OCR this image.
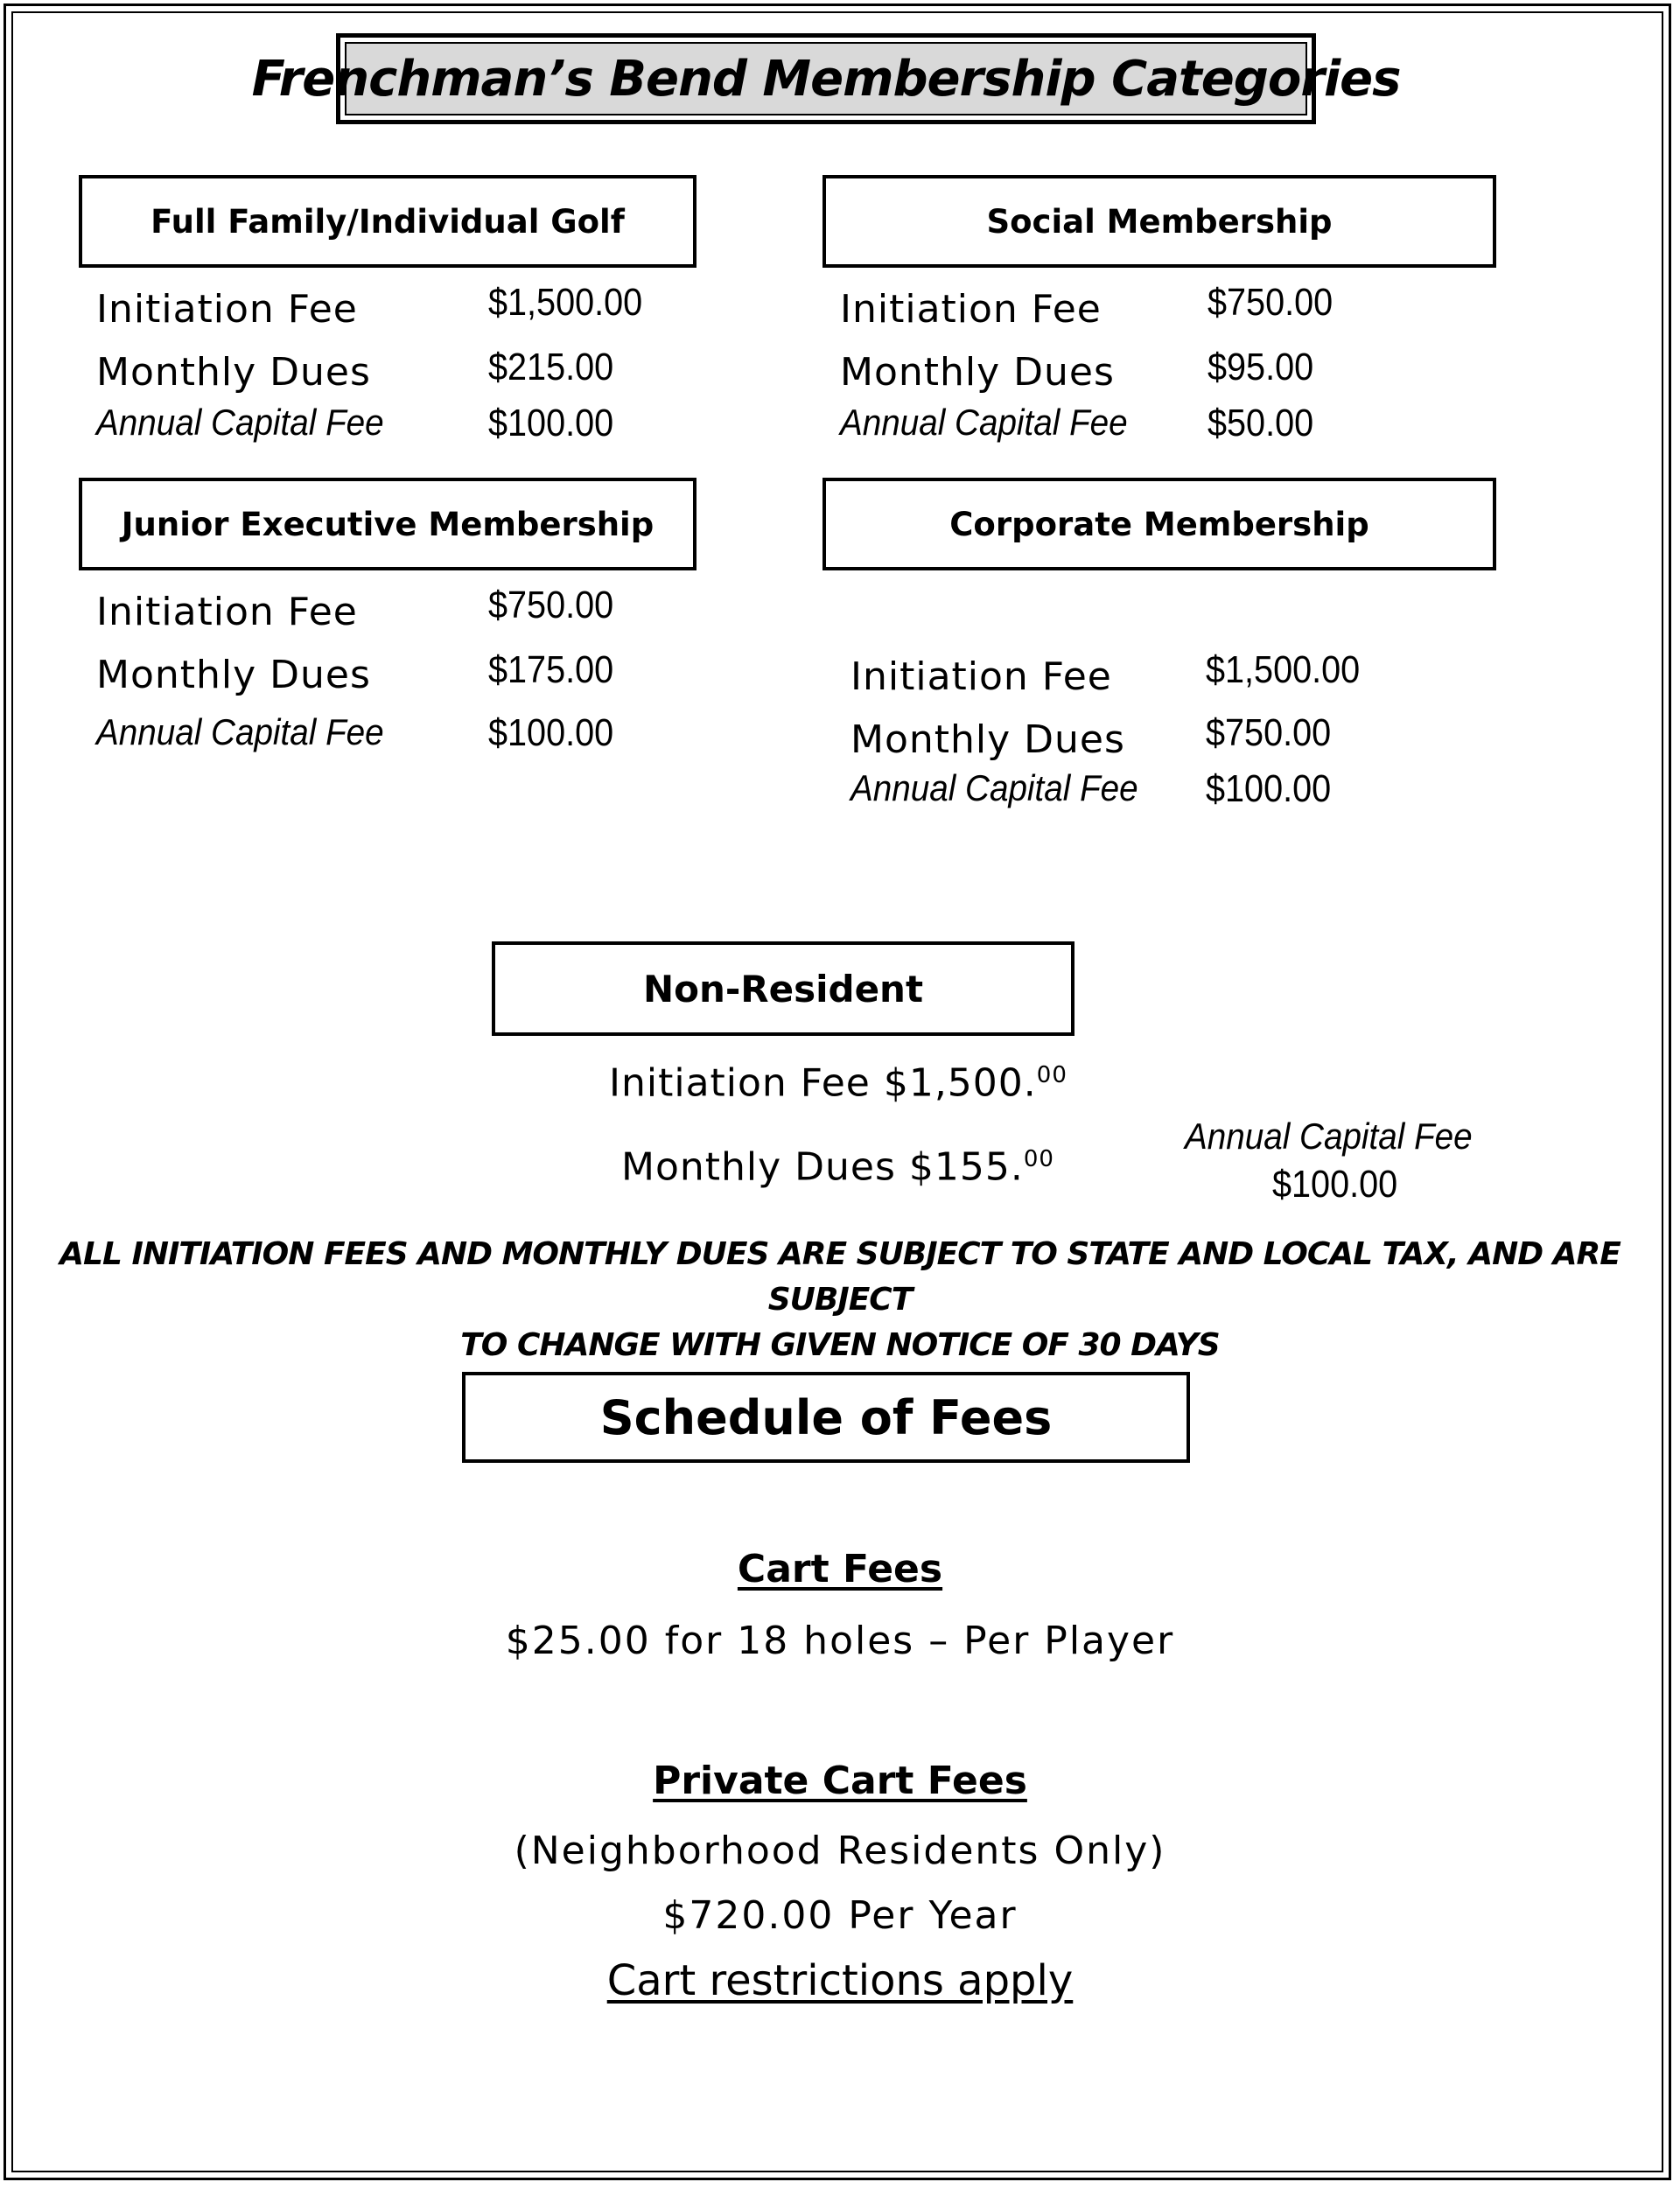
Frenchman’s Bend Membership Categories
Full Family/Individual Golf
Initiation Fee	$1,500.00
Monthly Dues	$215.00
Annual Capital Fee	$100.00
Social Membership
Initiation Fee	$750.00
Monthly Dues $95.00
Annual Capital Fee $50.00
Junior Executive Membership
Initiation Fee	$750.00
Monthly Dues	$175.00
Annual Capital Fee	$100.00
Corporate Membership
Initiation Fee $1,500.00
Monthly Dues $750.00
Annual Capital Fee $100.00
Non-Resident
Initiation Fee $1,500.00
Monthly Dues $155.00
Annual Capital Fee
$100.00
ALL INITIATION FEES AND MONTHLY DUES ARE SUBJECT TO STATE AND LOCAL TAX, AND ARE SUBJECT
TO CHANGE WITH GIVEN NOTICE OF 30 DAYS
Schedule of Fees
Cart Fees
$25.00 for 18 holes – Per Player
Private Cart Fees
(Neighborhood Residents Only)
$720.00 Per Year
Cart restrictions apply
